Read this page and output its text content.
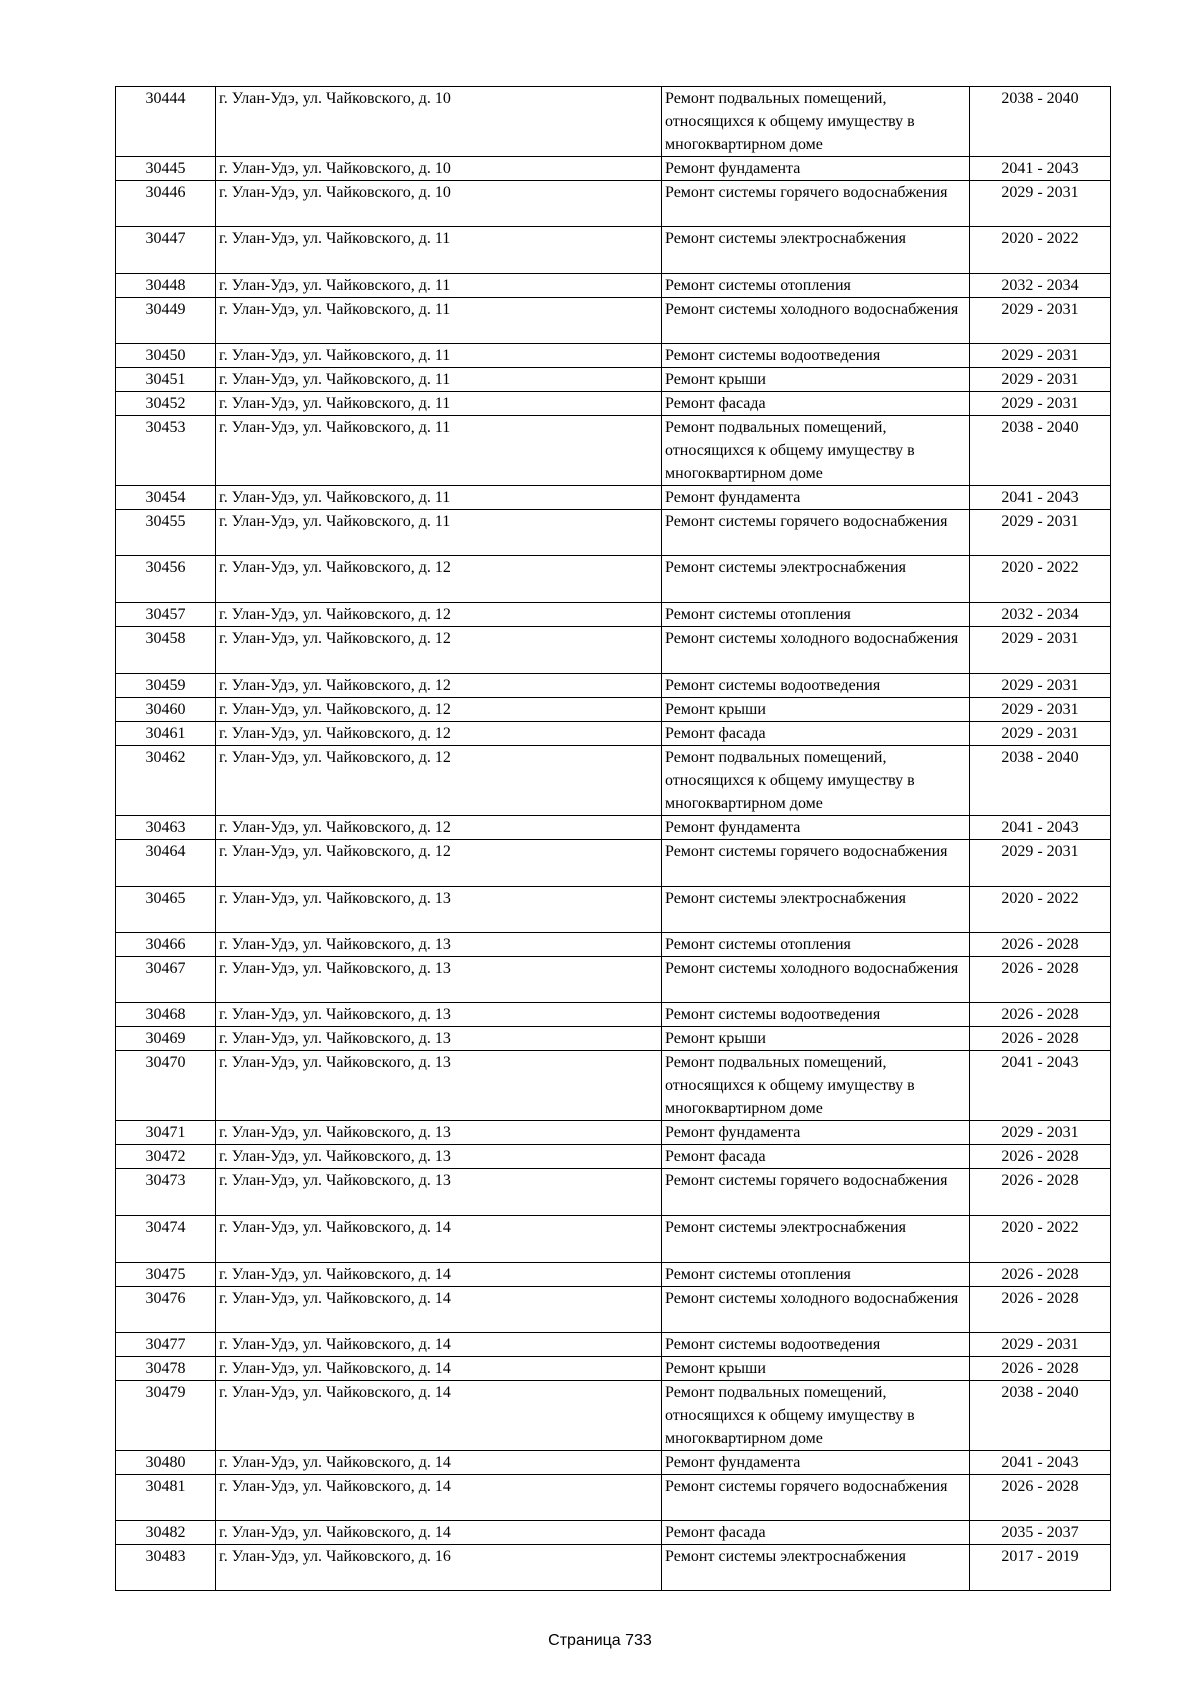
30444	г. Улан-Удэ, ул. Чайковского, д. 10	Ремонт подвальных помещений, относящихся к общему имуществу в многоквартирном доме	2038 - 2040
30445	г. Улан-Удэ, ул. Чайковского, д. 10	Ремонт фундамента	2041 - 2043
30446	г. Улан-Удэ, ул. Чайковского, д. 10	Ремонт системы горячего водоснабжения	2029 - 2031
30447	г. Улан-Удэ, ул. Чайковского, д. 11	Ремонт системы электроснабжения	2020 - 2022
30448	г. Улан-Удэ, ул. Чайковского, д. 11	Ремонт системы отопления	2032 - 2034
30449	г. Улан-Удэ, ул. Чайковского, д. 11	Ремонт системы холодного водоснабжения	2029 - 2031
30450	г. Улан-Удэ, ул. Чайковского, д. 11	Ремонт системы водоотведения	2029 - 2031
30451	г. Улан-Удэ, ул. Чайковского, д. 11	Ремонт крыши	2029 - 2031
30452	г. Улан-Удэ, ул. Чайковского, д. 11	Ремонт фасада	2029 - 2031
30453	г. Улан-Удэ, ул. Чайковского, д. 11	Ремонт подвальных помещений, относящихся к общему имуществу в многоквартирном доме	2038 - 2040
30454	г. Улан-Удэ, ул. Чайковского, д. 11	Ремонт фундамента	2041 - 2043
30455	г. Улан-Удэ, ул. Чайковского, д. 11	Ремонт системы горячего водоснабжения	2029 - 2031
30456	г. Улан-Удэ, ул. Чайковского, д. 12	Ремонт системы электроснабжения	2020 - 2022
30457	г. Улан-Удэ, ул. Чайковского, д. 12	Ремонт системы отопления	2032 - 2034
30458	г. Улан-Удэ, ул. Чайковского, д. 12	Ремонт системы холодного водоснабжения	2029 - 2031
30459	г. Улан-Удэ, ул. Чайковского, д. 12	Ремонт системы водоотведения	2029 - 2031
30460	г. Улан-Удэ, ул. Чайковского, д. 12	Ремонт крыши	2029 - 2031
30461	г. Улан-Удэ, ул. Чайковского, д. 12	Ремонт фасада	2029 - 2031
30462	г. Улан-Удэ, ул. Чайковского, д. 12	Ремонт подвальных помещений, относящихся к общему имуществу в многоквартирном доме	2038 - 2040
30463	г. Улан-Удэ, ул. Чайковского, д. 12	Ремонт фундамента	2041 - 2043
30464	г. Улан-Удэ, ул. Чайковского, д. 12	Ремонт системы горячего водоснабжения	2029 - 2031
30465	г. Улан-Удэ, ул. Чайковского, д. 13	Ремонт системы электроснабжения	2020 - 2022
30466	г. Улан-Удэ, ул. Чайковского, д. 13	Ремонт системы отопления	2026 - 2028
30467	г. Улан-Удэ, ул. Чайковского, д. 13	Ремонт системы холодного водоснабжения	2026 - 2028
30468	г. Улан-Удэ, ул. Чайковского, д. 13	Ремонт системы водоотведения	2026 - 2028
30469	г. Улан-Удэ, ул. Чайковского, д. 13	Ремонт крыши	2026 - 2028
30470	г. Улан-Удэ, ул. Чайковского, д. 13	Ремонт подвальных помещений, относящихся к общему имуществу в многоквартирном доме	2041 - 2043
30471	г. Улан-Удэ, ул. Чайковского, д. 13	Ремонт фундамента	2029 - 2031
30472	г. Улан-Удэ, ул. Чайковского, д. 13	Ремонт фасада	2026 - 2028
30473	г. Улан-Удэ, ул. Чайковского, д. 13	Ремонт системы горячего водоснабжения	2026 - 2028
30474	г. Улан-Удэ, ул. Чайковского, д. 14	Ремонт системы электроснабжения	2020 - 2022
30475	г. Улан-Удэ, ул. Чайковского, д. 14	Ремонт системы отопления	2026 - 2028
30476	г. Улан-Удэ, ул. Чайковского, д. 14	Ремонт системы холодного водоснабжения	2026 - 2028
30477	г. Улан-Удэ, ул. Чайковского, д. 14	Ремонт системы водоотведения	2029 - 2031
30478	г. Улан-Удэ, ул. Чайковского, д. 14	Ремонт крыши	2026 - 2028
30479	г. Улан-Удэ, ул. Чайковского, д. 14	Ремонт подвальных помещений, относящихся к общему имуществу в многоквартирном доме	2038 - 2040
30480	г. Улан-Удэ, ул. Чайковского, д. 14	Ремонт фундамента	2041 - 2043
30481	г. Улан-Удэ, ул. Чайковского, д. 14	Ремонт системы горячего водоснабжения	2026 - 2028
30482	г. Улан-Удэ, ул. Чайковского, д. 14	Ремонт фасада	2035 - 2037
30483	г. Улан-Удэ, ул. Чайковского, д. 16	Ремонт системы электроснабжения	2017 - 2019
Страница 733
